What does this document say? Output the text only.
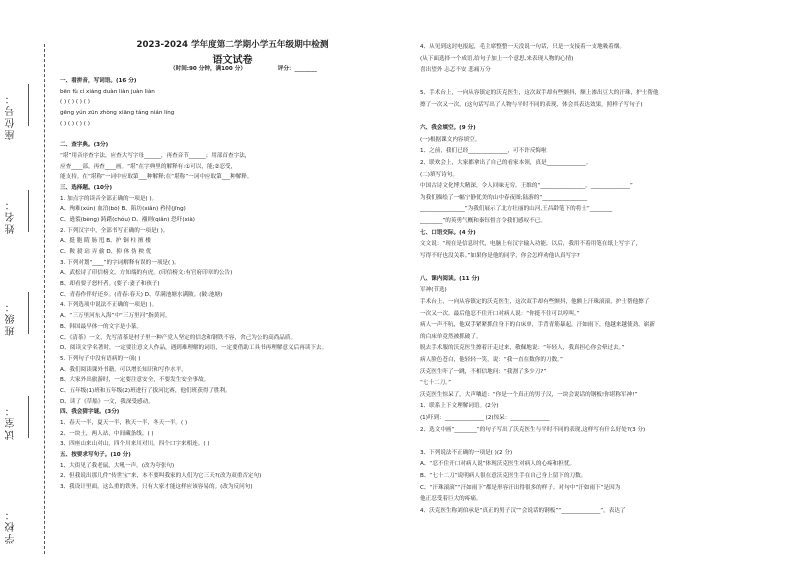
座位号：
姓名：
班级：
试室：
学校：
2023-2024 学年度第二学期小学五年级期中检测
语文试卷
（时间:90 分钟，满100 分）	评分：________
一、看拼音，写词语。(16 分)
bēn fù cí xiáng duàn liàn juàn liàn
( ) ( ) ( ) ( )
gēng yún zūn zhòng xiāng táng nián líng
( ) ( ) ( ) ( )
二、查字典。(3分)
“堪”用音序查字法，应查大写字母______，再查音节______；用部首查字法，
应查____部，再查____画。“堪”在字典里的解释有:①可以，能;②忍受，
能支持。在“堪称”一词中应取第___种解释;在“堪称”一词中应取第___种解释。
三、选择题。(10分)
1. 加点字的读音全部正确的一项是( )。
A、殉难(xún) 血泊(bó) B、陷坊(xiǎn) 矜持(jīng)
C、逊裂(bèng) 踌躇(chóu) D、襁则(qiǎn) 恐吓(xià)
2. 下列汉字中，全部书写正确的一项是( )。
A、挺 胞 隋 肠 甩 B、护 铜 柱 擅 楼
C、鞍 殺 玷 弄 偷 D、抑 休 伪 秧 优
3. 下列对划“____”的字词解释有误的一项是( )。
A、武松诗了印信榜文，方知端的有虎。(印信榜文:有官府印章的公告)
B、却看要子怒杆者。(要子:妻子和孩子)
C、青春作伴好还乡。(青春:春天) D、草满池塘水满陂。(陂:池塘)
4. 下列选项中说法不正确的一项是( )。
A、“三万里河东入海”中“三万里河”指黄河。
B、韩国最早体一的文字是小篆。
C、《清茶》一文，先写清茶是村子里一种产党人坚定的信念和钢铁不容，舍己为公的高尚品质。
D、阅读文学名著时，一定要注意文人作品，遇到难理解的词语，一定要借助工具书再理解意义后再读下去。
5. 下列句子中没有语病的一项( )
A、我们阅读课外书籍，可以增长知识和写作水平。
B、大家外出旅游时，一定要注意安全，不要发生安全事故。
C、五年级(1)班和五年级(2)班进行了拔河比赛，他们班获得了胜利。
D、读了《草船》一文，我深受感动。
四、我会猜字谜。(3分)
1、春天一半，夏天一半，秋天一半，冬天一半。( )
2、一块土，两人站，中间藏条线。( )
3、四座山来山对山，四个川来川对川，四个口字来相连。( )
五、按要求写句子。(10 分)
1、大街见了我老鼠，大吼一声。(改为夸张句)
2、但我说出那几件“传世宝”来，本不要叫我家的人们为它三天?(改为双重否定句)
3、我设计里面，这么重的铁务，只有大家才能这样应该容易的。(改为反问句)
4、从见到这封电报起，毛主席整整一天没说一句话，只是一支接着一支地吸着烟。
(从下面选择一个成语,给句子加上一个意思,来表现人物的心情)
喜出望外 忐忑不安 悲痛万分
5、手术台上，一向从容镇定的沃克医生，这次双手却有些颤抖，额上渗出豆大的汗珠，护士帮他
擦了一次又一次。(这句话写出了人物与平时不同的表现，体会其表达效果，照样子写句子)
六、我会填空。(9 分)
(一)根据课文内容填空。
1、之前，我们已经______________，可不许反悔啦
2、联欢会上，大家都拿出了自己的看家本领，真是______________。
(二)填写诗句。
中国古诗文化博大精深，令人回味无穷。王维的“________________，______________”
为我们描绘了一幅宁静优美的山中春夜图;陆游的“________________
________________”为我们展示了北方壮丽的山河,王昌龄笔下的将士“________
________”的英勇气概和秦钰督言令我们感叹不已。
七、口语交际。(4 分)
文文说：“现在是信息时代，电脑上有汉字输入功能，以后，我用不着用笔在纸上写字了，
写得不好也没关系。”如果你是他的同学，你会怎样劝他认真写字?
八、课内阅读。(11 分)
军神(节选)
手术台上，一向从容镇定的沃克医生，这次双手却有些颤抖，他额上汗珠滚滚，护士帮他擦了
一次又一次。最后他忍不住开口对病人说：“你挺不住可以哼叫。”
病人一声不吭，他双手紧紧抓住身下的白床单，手背青筋暴起，汗如雨下，他越来越使劲，崭新
的白床单竟然被抓破了。
脱去手术服的沃克医生擦着汗走过来，敬佩地说：“年轻人，我真担心你会晕过去。”
病人脸色苍白，他轻轻一笑，说：“我一直在数你的刀数。”
沃克医生吓了一跳，不相信地问：“我割了多少刀?”
“七十二刀。”
沃克医生惊呆了，大声嚷道：“你是一个真正的男子汉，一块会说话的钢板!你堪称军神!”
1、联系上下文理解词语。(2分)
(1)吓到：______________ (2)惊呆：______________
2、选文中画“________”的句子写出了沃克医生与平时不同的表现,这样写有什么好处?(3 分)
3、下列说法不正确的一项是( )(2 分)
A、“忍不住开口对病人说”体现沃克医生对病人的心疼和担忧。
B、“七十二刀”说明病人很在意沃克医生手在自己身上留下的刀数。
C、“汗珠滚滚”“汗如雨下”都是形容汗出得很多的样子。对句中“汗如雨下”是因为
他正忍受着巨大的疼痛。
4、沃克医生称刘伯承是“真正的男子汉”“会说话的钢板”“______________”，表达了
